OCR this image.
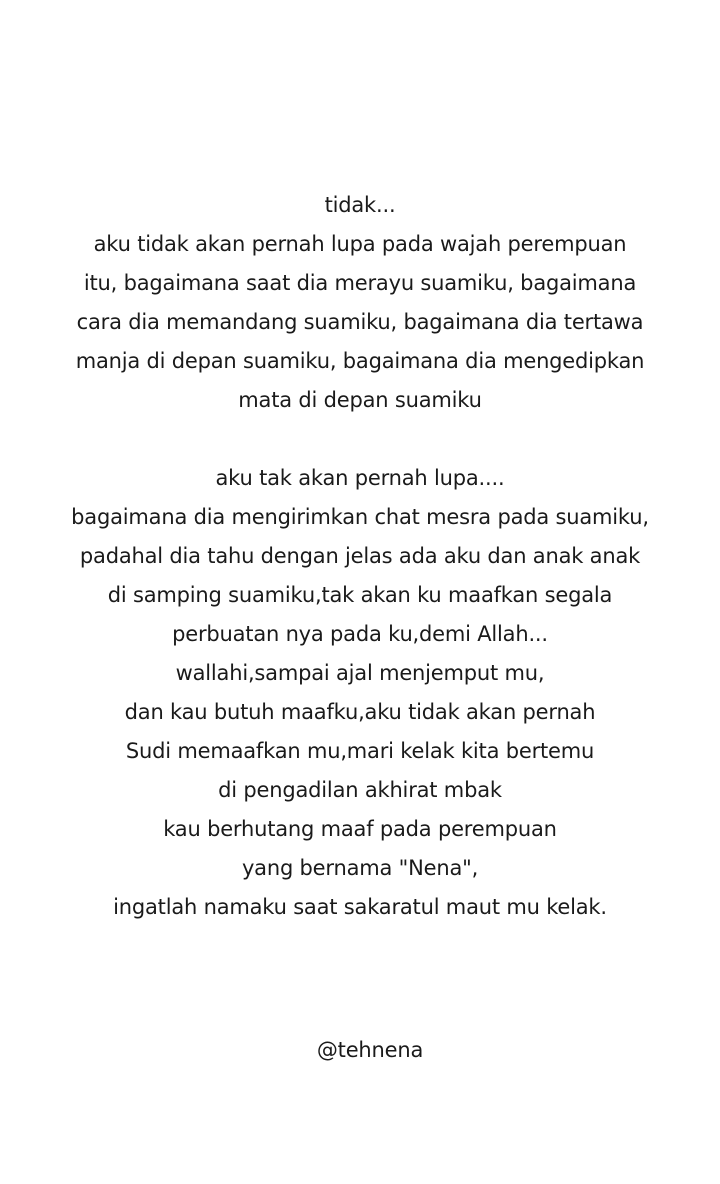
tidak...
aku tidak akan pernah lupa pada wajah perempuan
itu, bagaimana saat dia merayu suamiku, bagaimana
cara dia memandang suamiku, bagaimana dia tertawa
manja di depan suamiku, bagaimana dia mengedipkan
mata di depan suamiku
aku tak akan pernah lupa....
bagaimana dia mengirimkan chat mesra pada suamiku,
padahal dia tahu dengan jelas ada aku dan anak anak
di samping suamiku,tak akan ku maafkan segala
perbuatan nya pada ku,demi Allah...
wallahi,sampai ajal menjemput mu,
dan kau butuh maafku,aku tidak akan pernah
Sudi memaafkan mu,mari kelak kita bertemu
di pengadilan akhirat mbak
kau berhutang maaf pada perempuan
yang bernama "Nena",
ingatlah namaku saat sakaratul maut mu kelak.
@tehnena
